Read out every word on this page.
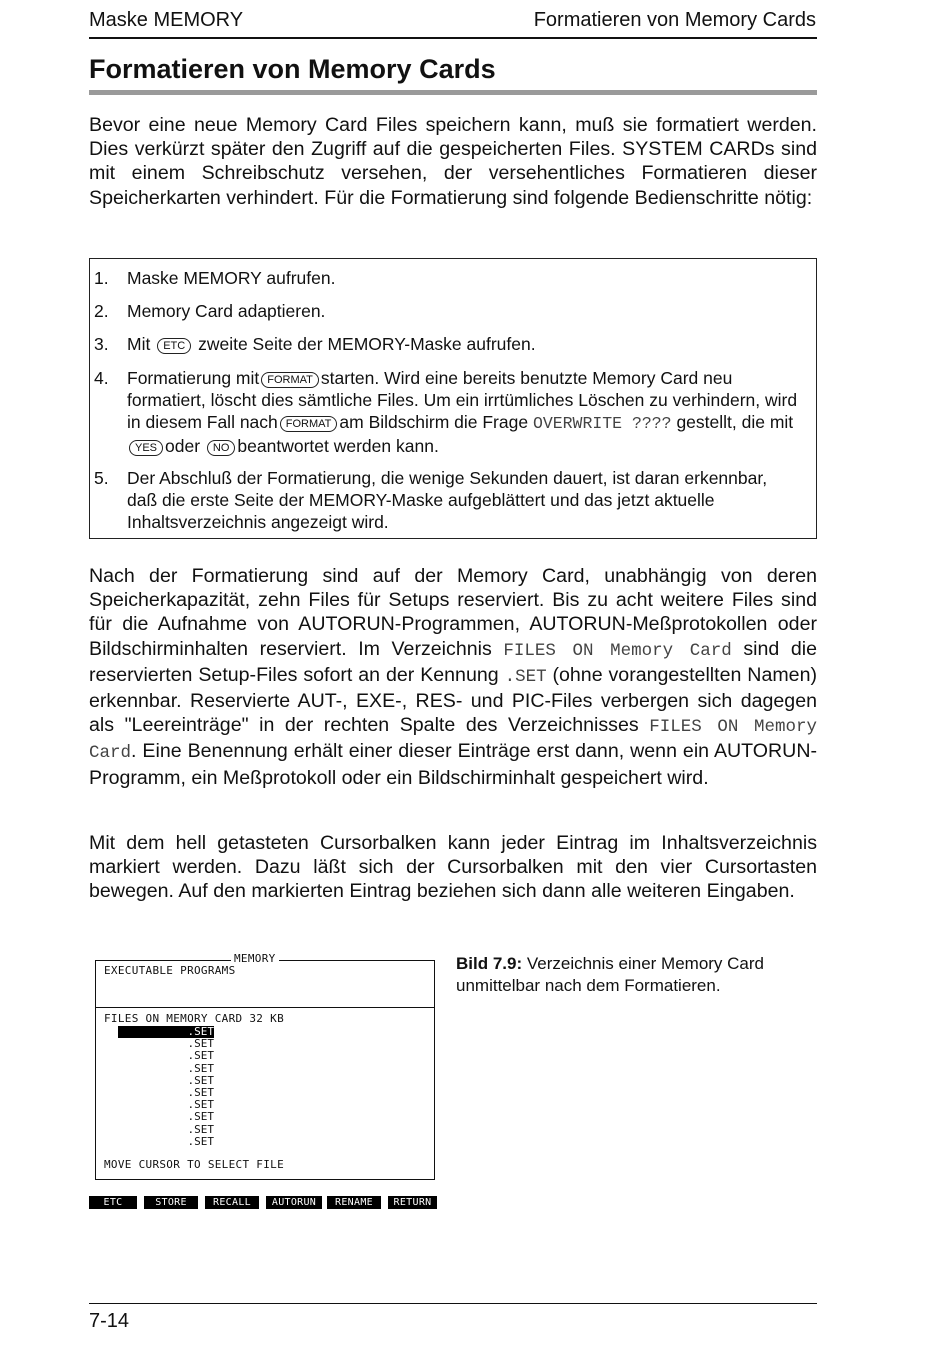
Maske MEMORY	Formatieren von Memory Cards
Formatieren von Memory Cards
Bevor eine neue Memory Card Files speichern kann, muß sie formatiert werden. Dies verkürzt später den Zugriff auf die gespeicherten Files. SYSTEM CARDs sind mit einem Schreibschutz versehen, der versehentliches Formatieren dieser Speicherkarten verhindert. Für die Formatierung sind folgende Bedienschritte nötig:
1. Maske MEMORY aufrufen.
2. Memory Card adaptieren.
3. Mit ETC zweite Seite der MEMORY-Maske aufrufen.
4. Formatierung mit FORMAT starten. Wird eine bereits benutzte Memory Card neu formatiert, löscht dies sämtliche Files. Um ein irrtümliches Löschen zu verhindern, wird in diesem Fall nach FORMAT am Bildschirm die Frage OVERWRITE ???? gestellt, die mitYES oder NO beantwortet werden kann.
5. Der Abschluß der Formatierung, die wenige Sekunden dauert, ist daran erkennbar, daß die erste Seite der MEMORY-Maske aufgeblättert und das jetzt aktuelle Inhaltsverzeichnis angezeigt wird.
Nach der Formatierung sind auf der Memory Card, unabhängig von deren Speicherkapazität, zehn Files für Setups reserviert. Bis zu acht weitere Files sind für die Aufnahme von AUTORUN-Programmen, AUTORUN-Meßprotokollen oder Bildschirminhalten reserviert. Im Verzeichnis FILES ON Memory Card sind die reservierten Setup-Files sofort an der Kennung .SET (ohne vorangestellten Namen) erkennbar. Reservierte AUT-, EXE-, RES- und PIC-Files verbergen sich dagegen als "Leereinträge" in der rechten Spalte des Verzeichnisses FILES ON Memory Card. Eine Benennung erhält einer dieser Einträge erst dann, wenn ein AUTORUN-Programm, ein Meßprotokoll oder ein Bildschirminhalt gespeichert wird.
Mit dem hell getasteten Cursorbalken kann jeder Eintrag im Inhaltsverzeichnis markiert werden. Dazu läßt sich der Cursorbalken mit den vier Cursortasten bewegen. Auf den markierten Eintrag beziehen sich dann alle weiteren Eingaben.
MEMORY
EXECUTABLE PROGRAMS
FILES ON MEMORY CARD 32 KB
.SET
.SET
.SET
.SET
.SET
.SET
.SET
.SET
.SET
.SET
MOVE CURSOR TO SELECT FILE
ETC	STORE	RECALL	AUTORUN	RENAME	RETURN
Bild 7.9: Verzeichnis einer Memory Card unmittelbar nach dem Formatieren.
7-14
